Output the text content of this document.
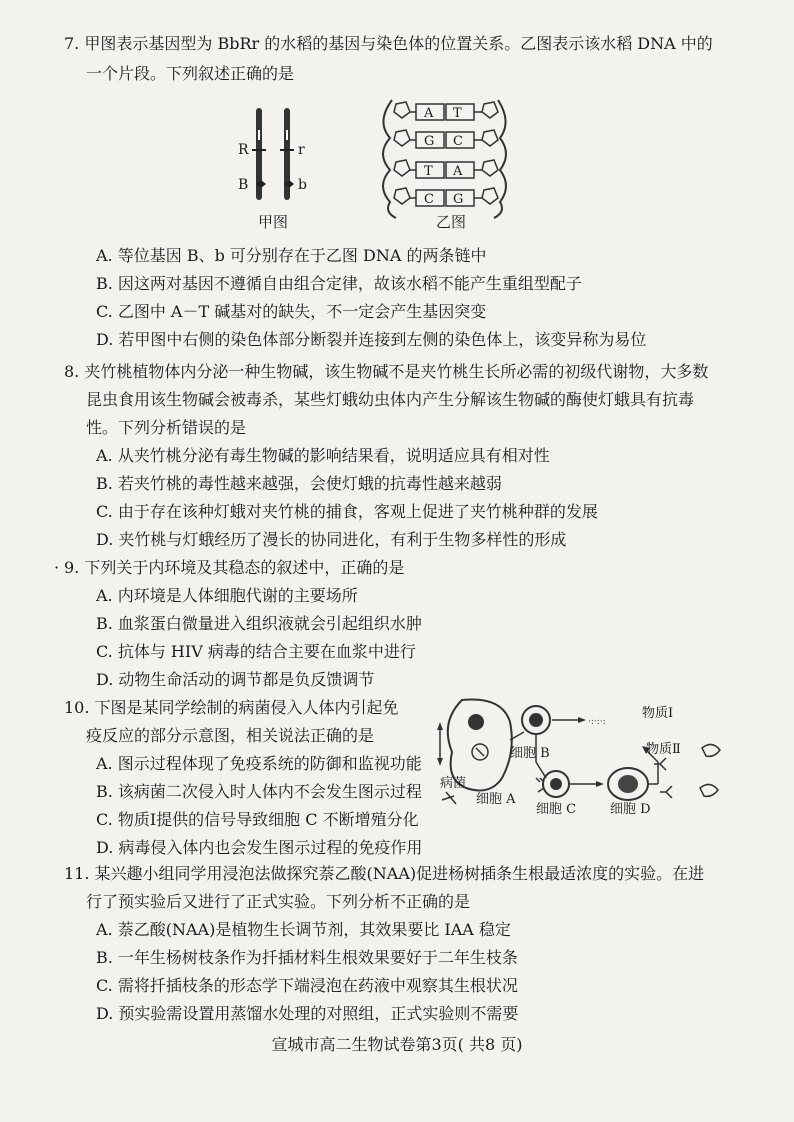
7. 甲图表示基因型为 BbRr 的水稻的基因与染色体的位置关系。乙图表示该水稻 DNA 中的
一个片段。下列叙述正确的是
R
B
r
b
甲图
A T
G C
T A
C G
乙图
A. 等位基因 B、b 可分别存在于乙图 DNA 的两条链中
B. 因这两对基因不遵循自由组合定律，故该水稻不能产生重组型配子
C. 乙图中 A－T 碱基对的缺失，不一定会产生基因突变
D. 若甲图中右侧的染色体部分断裂并连接到左侧的染色体上，该变异称为易位
8. 夹竹桃植物体内分泌一种生物碱，该生物碱不是夹竹桃生长所必需的初级代谢物，大多数
昆虫食用该生物碱会被毒杀，某些灯蛾幼虫体内产生分解该生物碱的酶使灯蛾具有抗毒
性。下列分析错误的是
A. 从夹竹桃分泌有毒生物碱的影响结果看，说明适应具有相对性
B. 若夹竹桃的毒性越来越强，会使灯蛾的抗毒性越来越弱
C. 由于存在该种灯蛾对夹竹桃的捕食，客观上促进了夹竹桃种群的发展
D. 夹竹桃与灯蛾经历了漫长的协同进化，有利于生物多样性的形成
· 9. 下列关于内环境及其稳态的叙述中，正确的是
A. 内环境是人体细胞代谢的主要场所
B. 血浆蛋白微量进入组织液就会引起组织水肿
C. 抗体与 HIV 病毒的结合主要在血浆中进行
D. 动物生命活动的调节都是负反馈调节
10. 下图是某同学绘制的病菌侵入人体内引起免
疫反应的部分示意图，相关说法正确的是
A. 图示过程体现了免疫系统的防御和监视功能
B. 该病菌二次侵入时人体内不会发生图示过程
C. 物质Ⅰ提供的信号导致细胞 C 不断增殖分化
D. 病毒侵入体内也会发生图示过程的免疫作用
·:·:·:
细胞 B
物质Ⅰ
物质Ⅱ
病菌
细胞 A
细胞 C	细胞 D
11. 某兴趣小组同学用浸泡法做探究萘乙酸(NAA)促进杨树插条生根最适浓度的实验。在进
行了预实验后又进行了正式实验。下列分析不正确的是
A. 萘乙酸(NAA)是植物生长调节剂，其效果要比 IAA 稳定
B. 一年生杨树枝条作为扦插材料生根效果要好于二年生枝条
C. 需将扦插枝条的形态学下端浸泡在药液中观察其生根状况
D. 预实验需设置用蒸馏水处理的对照组，正式实验则不需要
宣城市高二生物试卷第3页( 共8 页)
